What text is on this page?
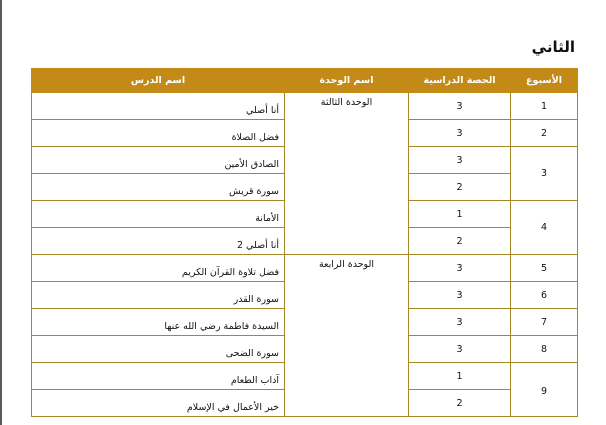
الثاني
الأسبوع	الحصة الدراسية	اسم الوحدة	اسم الدرس
1	3	الوحدة الثالثة	أنا أصلي
2	3		فضل الصلاة
3	3		الصادق الأمين
	2		سورة قريش
4	1		الأمانة
	2		أنا أصلي 2
5	3	الوحدة الرابعة	فضل تلاوة القرآن الكريم
6	3		سورة القدر
7	3		السيدة فاطمة رضي الله عنها
8	3		سورة الضحى
9	1		آداب الطعام
	2		خير الأعمال في الإسلام
